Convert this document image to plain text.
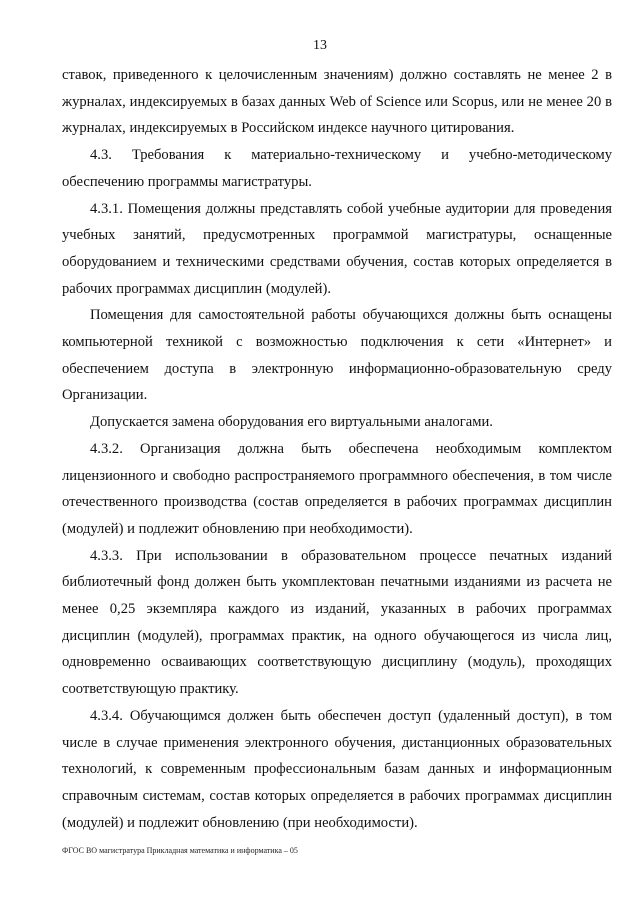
13

ставок, приведенного к целочисленным значениям) должно составлять не менее 2 в журналах, индексируемых в базах данных Web of Science или Scopus, или не менее 20 в журналах, индексируемых в Российском индексе научного цитирования.

4.3. Требования к материально-техническому и учебно-методическому обеспечению программы магистратуры.

4.3.1. Помещения должны представлять собой учебные аудитории для проведения учебных занятий, предусмотренных программой магистратуры, оснащенные оборудованием и техническими средствами обучения, состав которых определяется в рабочих программах дисциплин (модулей).

Помещения для самостоятельной работы обучающихся должны быть оснащены компьютерной техникой с возможностью подключения к сети «Интернет» и обеспечением доступа в электронную информационно-образовательную среду Организации.

Допускается замена оборудования его виртуальными аналогами.

4.3.2. Организация должна быть обеспечена необходимым комплектом лицензионного и свободно распространяемого программного обеспечения, в том числе отечественного производства (состав определяется в рабочих программах дисциплин (модулей) и подлежит обновлению при необходимости).

4.3.3. При использовании в образовательном процессе печатных изданий библиотечный фонд должен быть укомплектован печатными изданиями из расчета не менее 0,25 экземпляра каждого из изданий, указанных в рабочих программах дисциплин (модулей), программах практик, на одного обучающегося из числа лиц, одновременно осваивающих соответствующую дисциплину (модуль), проходящих соответствующую практику.

4.3.4. Обучающимся должен быть обеспечен доступ (удаленный доступ), в том числе в случае применения электронного обучения, дистанционных образовательных технологий, к современным профессиональным базам данных и информационным справочным системам, состав которых определяется в рабочих программах дисциплин (модулей) и подлежит обновлению (при необходимости).

ФГОС ВО магистратура Прикладная математика и информатика – 05
